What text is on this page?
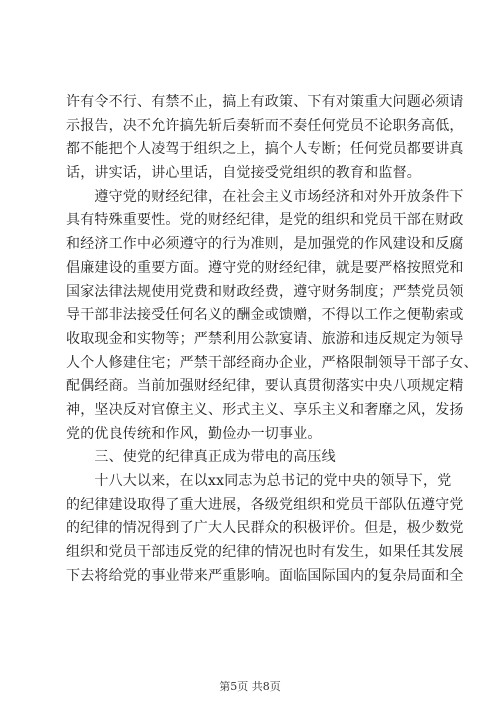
许有令不行、有禁不止，搞上有政策、下有对策重大问题必须请
示报告，决不允许搞先斩后奏斩而不奏任何党员不论职务高低，
都不能把个人凌驾于组织之上，搞个人专断；任何党员都要讲真
话，讲实话，讲心里话，自觉接受党组织的教育和监督。
　　遵守党的财经纪律，在社会主义市场经济和对外开放条件下
具有特殊重要性。党的财经纪律，是党的组织和党员干部在财政
和经济工作中必须遵守的行为准则，是加强党的作风建设和反腐
倡廉建设的重要方面。遵守党的财经纪律，就是要严格按照党和
国家法律法规使用党费和财政经费，遵守财务制度；严禁党员领
导干部非法接受任何名义的酬金或馈赠，不得以工作之便勒索或
收取现金和实物等；严禁利用公款宴请、旅游和违反规定为领导
人个人修建住宅；严禁干部经商办企业，严格限制领导干部子女、
配偶经商。当前加强财经纪律，要认真贯彻落实中央八项规定精
神，坚决反对官僚主义、形式主义、享乐主义和奢靡之风，发扬
党的优良传统和作风，勤俭办一切事业。
　　三、使党的纪律真正成为带电的高压线
　　十八大以来，在以xx同志为总书记的党中央的领导下，党
的纪律建设取得了重大进展，各级党组织和党员干部队伍遵守党
的纪律的情况得到了广大人民群众的积极评价。但是，极少数党
组织和党员干部违反党的纪律的情况也时有发生，如果任其发展
下去将给党的事业带来严重影响。面临国际国内的复杂局面和全
第5页 共8页
